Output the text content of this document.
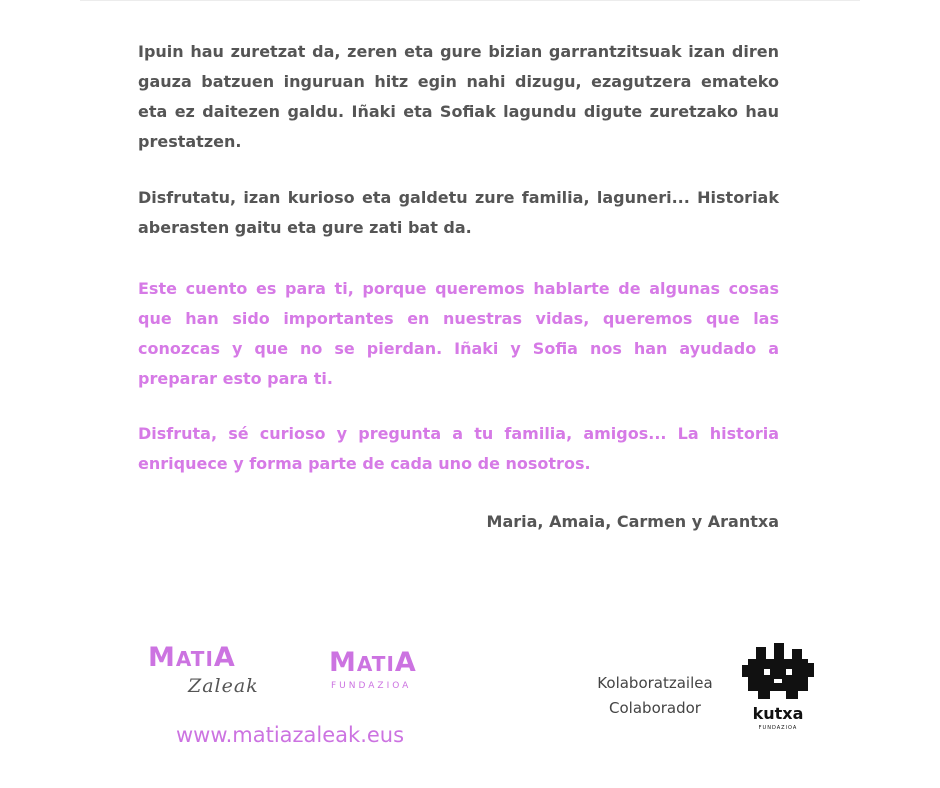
Ipuin hau zuretzat da, zeren eta gure bizian garrantzitsuak izan diren gauza batzuen inguruan hitz egin nahi dizugu, ezagutzera emateko eta ez daitezen galdu. Iñaki eta Sofiak lagundu digute zuretzako hau prestatzen.

Disfrutatu, izan kurioso eta galdetu zure familia, laguneri... Historiak aberasten gaitu eta gure zati bat da.

Este cuento es para ti, porque queremos hablarte de algunas cosas que han sido importantes en nuestras vidas, queremos que las conozcas y que no se pierdan. Iñaki y Sofia nos han ayudado a preparar esto para ti.

Disfruta, sé curioso y pregunta a tu familia, amigos... La historia enriquece y forma parte de cada uno de nosotros.

Maria, Amaia, Carmen y Arantxa
MATIA
Zaleak
MATIA
FUNDAZIOA
www.matiazaleak.eus
Kolaboratzailea
Colaborador	kutxa
FUNDAZIOA
